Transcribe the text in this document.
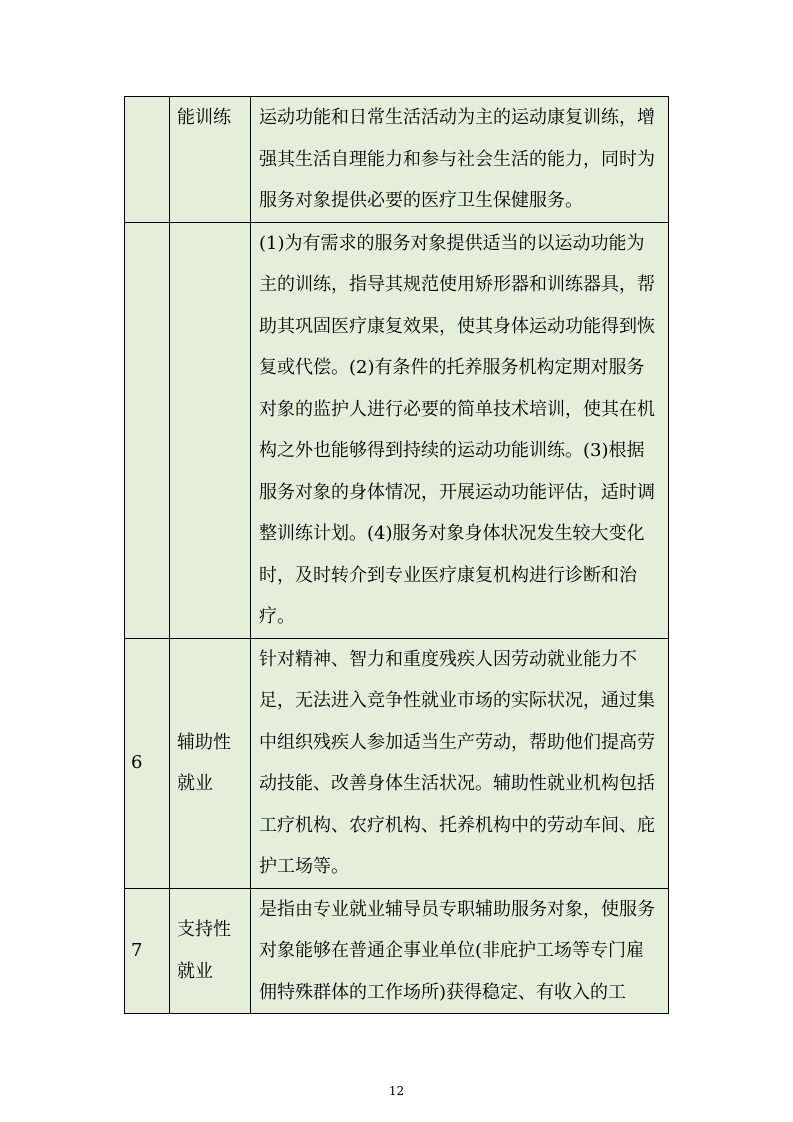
	能训练	运动功能和日常生活活动为主的运动康复训练，增强其生活自理能力和参与社会生活的能力，同时为服务对象提供必要的医疗卫生保健服务。
		(1)为有需求的服务对象提供适当的以运动功能为主的训练，指导其规范使用矫形器和训练器具，帮助其巩固医疗康复效果，使其身体运动功能得到恢复或代偿。(2)有条件的托养服务机构定期对服务对象的监护人进行必要的简单技术培训，使其在机构之外也能够得到持续的运动功能训练。(3)根据服务对象的身体情况，开展运动功能评估，适时调整训练计划。(4)服务对象身体状况发生较大变化时，及时转介到专业医疗康复机构进行诊断和治疗。
6	辅助性就业	针对精神、智力和重度残疾人因劳动就业能力不足，无法进入竞争性就业市场的实际状况，通过集中组织残疾人参加适当生产劳动，帮助他们提高劳动技能、改善身体生活状况。辅助性就业机构包括工疗机构、农疗机构、托养机构中的劳动车间、庇护工场等。
7	支持性就业	是指由专业就业辅导员专职辅助服务对象，使服务对象能够在普通企事业单位(非庇护工场等专门雇佣特殊群体的工作场所)获得稳定、有收入的工
12
